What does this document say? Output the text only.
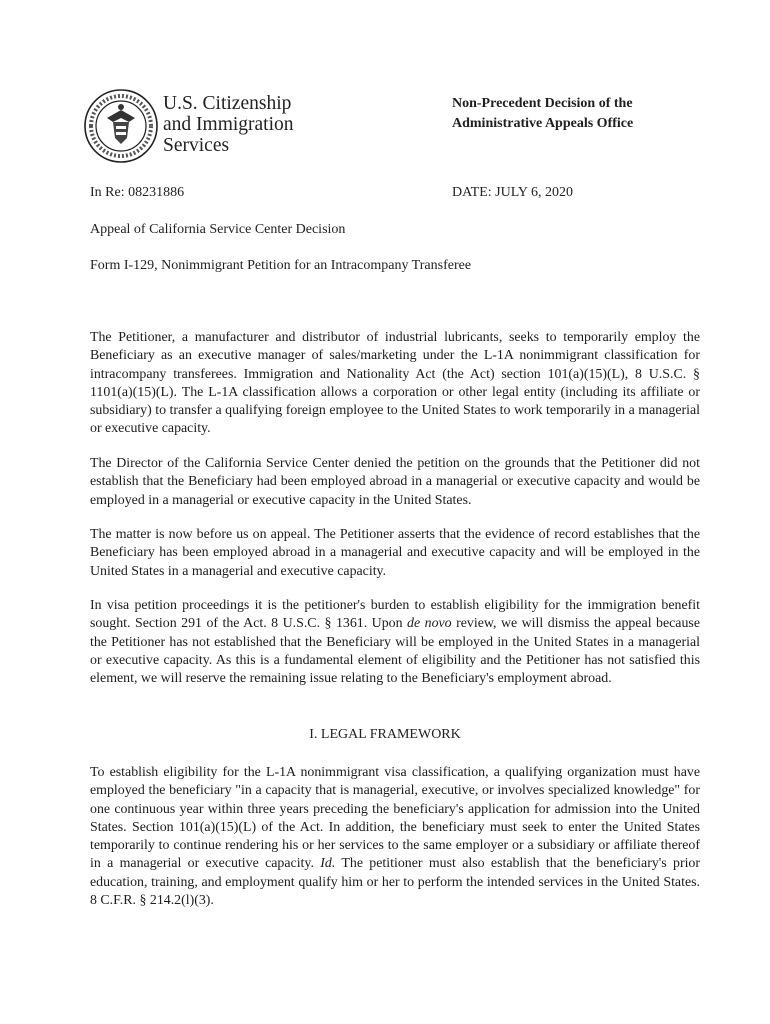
U.S. Citizenship
and Immigration
Services
Non-Precedent Decision of the
Administrative Appeals Office
In Re: 08231886	DATE: JULY 6, 2020
Appeal of California Service Center Decision
Form I-129, Nonimmigrant Petition for an Intracompany Transferee

The Petitioner, a manufacturer and distributor of industrial lubricants, seeks to temporarily employ the Beneficiary as an executive manager of sales/marketing under the L-1A nonimmigrant classification for intracompany transferees. Immigration and Nationality Act (the Act) section 101(a)(15)(L), 8 U.S.C. § 1101(a)(15)(L). The L-1A classification allows a corporation or other legal entity (including its affiliate or subsidiary) to transfer a qualifying foreign employee to the United States to work temporarily in a managerial or executive capacity.

The Director of the California Service Center denied the petition on the grounds that the Petitioner did not establish that the Beneficiary had been employed abroad in a managerial or executive capacity and would be employed in a managerial or executive capacity in the United States.

The matter is now before us on appeal. The Petitioner asserts that the evidence of record establishes that the Beneficiary has been employed abroad in a managerial and executive capacity and will be employed in the United States in a managerial and executive capacity.

In visa petition proceedings it is the petitioner's burden to establish eligibility for the immigration benefit sought. Section 291 of the Act. 8 U.S.C. § 1361. Upon de novo review, we will dismiss the appeal because the Petitioner has not established that the Beneficiary will be employed in the United States in a managerial or executive capacity. As this is a fundamental element of eligibility and the Petitioner has not satisfied this element, we will reserve the remaining issue relating to the Beneficiary's employment abroad.

I. LEGAL FRAMEWORK

To establish eligibility for the L-1A nonimmigrant visa classification, a qualifying organization must have employed the beneficiary "in a capacity that is managerial, executive, or involves specialized knowledge" for one continuous year within three years preceding the beneficiary's application for admission into the United States. Section 101(a)(15)(L) of the Act. In addition, the beneficiary must seek to enter the United States temporarily to continue rendering his or her services to the same employer or a subsidiary or affiliate thereof in a managerial or executive capacity. Id. The petitioner must also establish that the beneficiary's prior education, training, and employment qualify him or her to perform the intended services in the United States. 8 C.F.R. § 214.2(l)(3).
